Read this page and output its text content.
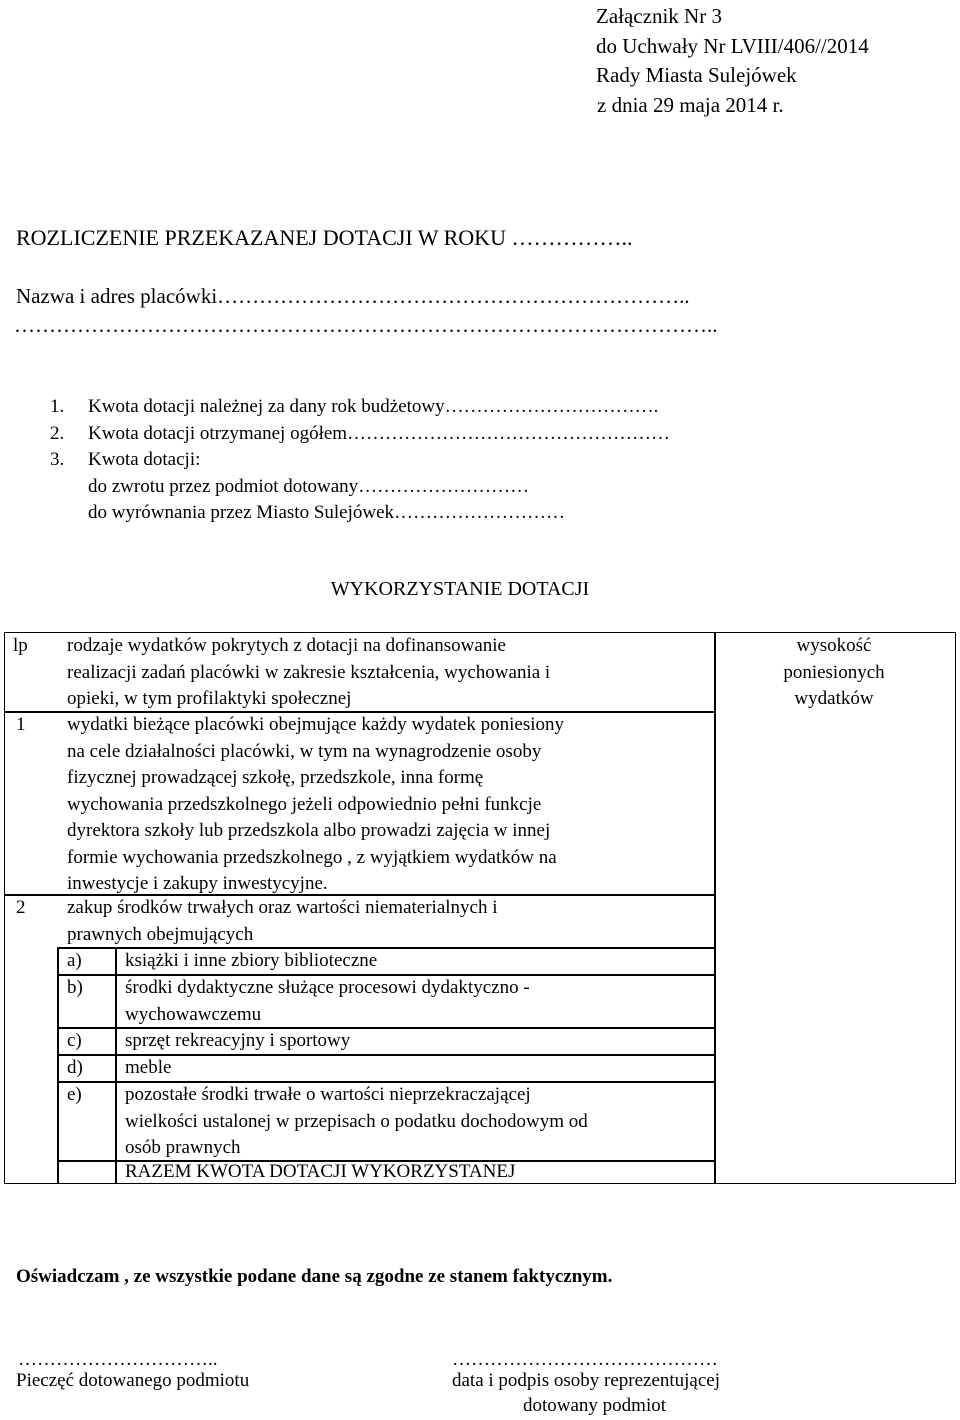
Załącznik Nr 3
do Uchwały Nr LVIII/406//2014
Rady Miasta Sulejówek
z dnia 29 maja 2014 r.
ROZLICZENIE PRZEKAZANEJ DOTACJI W ROKU ……………..
Nazwa i adres placówki…………………………………………………………..
………………………………………………………………………………………..
1. Kwota dotacji należnej za dany rok budżetowy…………………………….
2. Kwota dotacji otrzymanej ogółem……………………………………………
3. Kwota dotacji:
do zwrotu przez podmiot dotowany………………………
do wyrównania przez Miasto Sulejówek………………………
WYKORZYSTANIE DOTACJI
lp rodzaje wydatków pokrytych z dotacji na dofinansowanie
realizacji zadań placówki w zakresie kształcenia, wychowania i
opieki, w tym profilaktyki społecznej
wysokość
poniesionych
wydatków
1 wydatki bieżące placówki obejmujące każdy wydatek poniesiony
na cele działalności placówki, w tym na wynagrodzenie osoby
fizycznej prowadzącej szkołę, przedszkole, inna formę
wychowania przedszkolnego jeżeli odpowiednio pełni funkcje
dyrektora szkoły lub przedszkola albo prowadzi zajęcia w innej
formie wychowania przedszkolnego , z wyjątkiem wydatków na
inwestycje i zakupy inwestycyjne.
2 zakup środków trwałych oraz wartości niematerialnych i
prawnych obejmujących
a) książki i inne zbiory biblioteczne
b) środki dydaktyczne służące procesowi dydaktyczno -
wychowawczemu
c) sprzęt rekreacyjny i sportowy
d) meble
e) pozostałe środki trwałe o wartości nieprzekraczającej
wielkości ustalonej w przepisach o podatku dochodowym od
osób prawnych
RAZEM KWOTA DOTACJI WYKORZYSTANEJ
Oświadczam , ze wszystkie podane dane są zgodne ze stanem faktycznym.
…………………………..
Pieczęć dotowanego podmiotu
……………………………………
data i podpis osoby reprezentującej
dotowany podmiot
